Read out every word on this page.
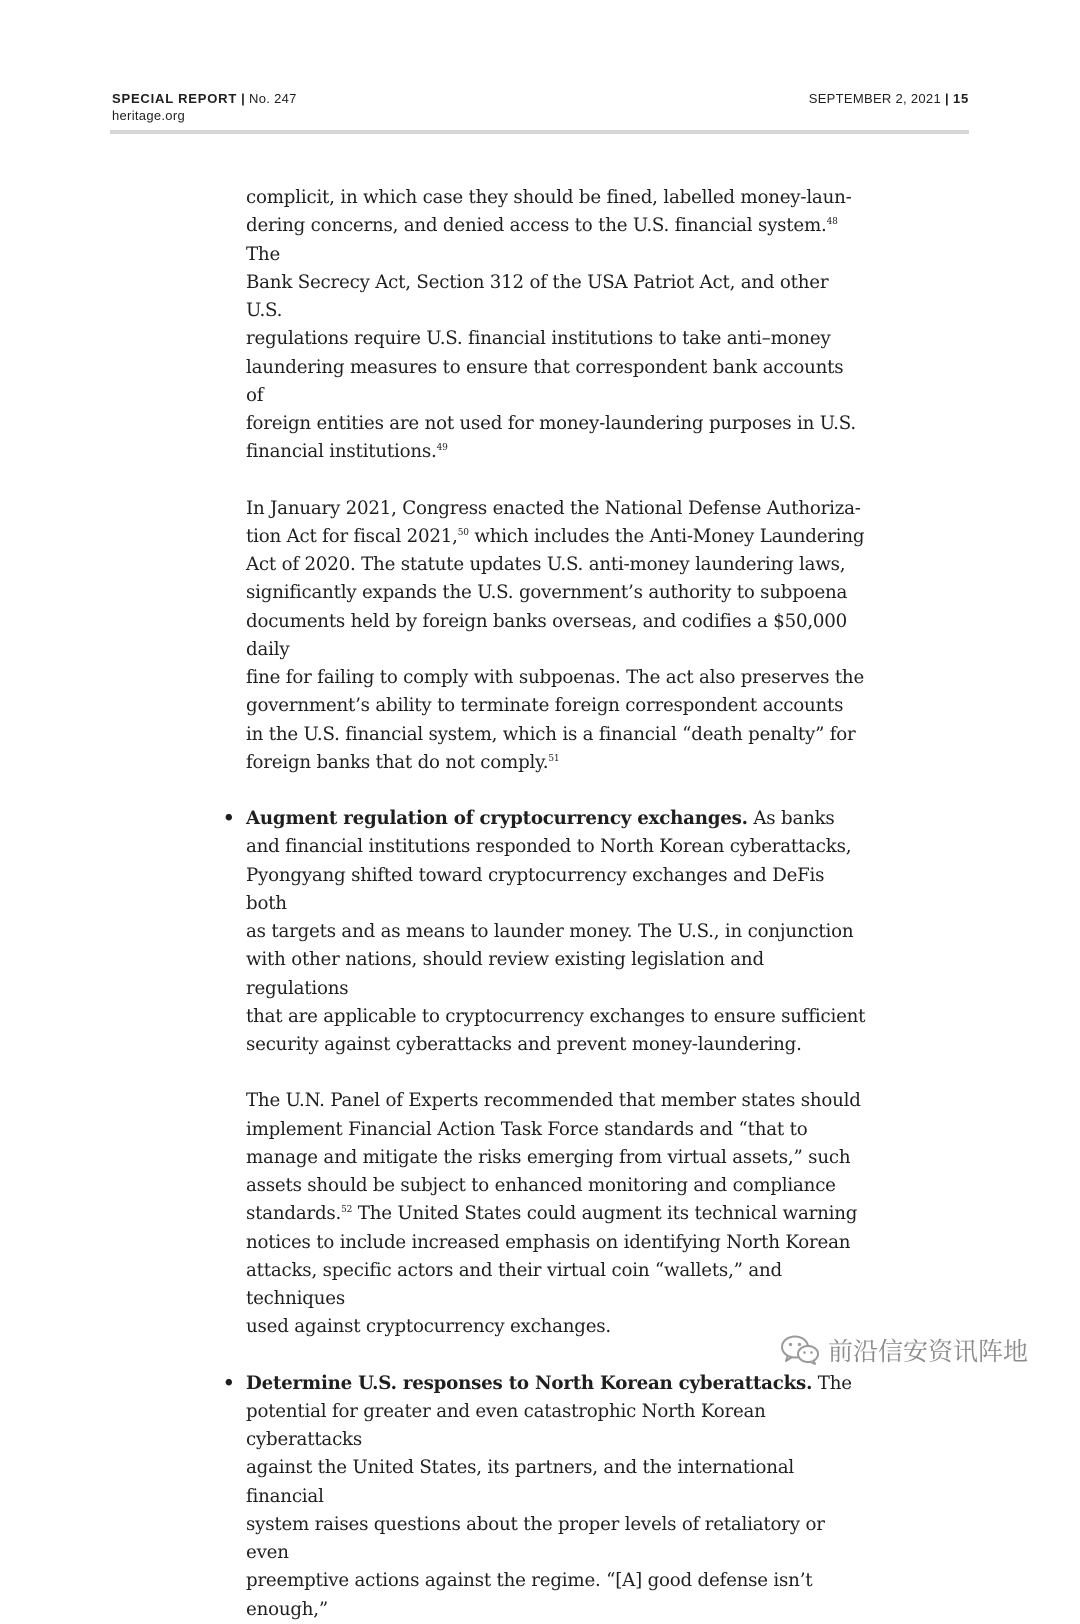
SPECIAL REPORT | No. 247
heritage.org
SEPTEMBER 2, 2021 | 15

complicit, in which case they should be fined, labelled money-laun-
dering concerns, and denied access to the U.S. financial system.$^{48}$ The
Bank Secrecy Act, Section 312 of the USA Patriot Act, and other U.S.
regulations require U.S. financial institutions to take anti–money
laundering measures to ensure that correspondent bank accounts of
foreign entities are not used for money-laundering purposes in U.S.
financial institutions.$^{49}$

In January 2021, Congress enacted the National Defense Authoriza-
tion Act for fiscal 2021,50 which includes the Anti-Money Laundering
Act of 2020. The statute updates U.S. anti-money laundering laws,
significantly expands the U.S. government’s authority to subpoena
documents held by foreign banks overseas, and codifies a $50,000 daily
fine for failing to comply with subpoenas. The act also preserves the
government’s ability to terminate foreign correspondent accounts
in the U.S. financial system, which is a financial “death penalty” for
foreign banks that do not comply.$^{51}$

• Augment regulation of cryptocurrency exchanges. As banks
and financial institutions responded to North Korean cyberattacks,
Pyongyang shifted toward cryptocurrency exchanges and DeFis both
as targets and as means to launder money. The U.S., in conjunction
with other nations, should review existing legislation and regulations
that are applicable to cryptocurrency exchanges to ensure sufficient
security against cyberattacks and prevent money-laundering.

The U.N. Panel of Experts recommended that member states should
implement Financial Action Task Force standards and “that to
manage and mitigate the risks emerging from virtual assets,” such
assets should be subject to enhanced monitoring and compliance
standards.$^{52}$ The United States could augment its technical warning
notices to include increased emphasis on identifying North Korean
attacks, specific actors and their virtual coin “wallets,” and techniques
used against cryptocurrency exchanges.

• Determine U.S. responses to North Korean cyberattacks. The
potential for greater and even catastrophic North Korean cyberattacks
against the United States, its partners, and the international financial
system raises questions about the proper levels of retaliatory or even
preemptive actions against the regime. “[A] good defense isn’t enough,”

前沿信安资讯阵地
